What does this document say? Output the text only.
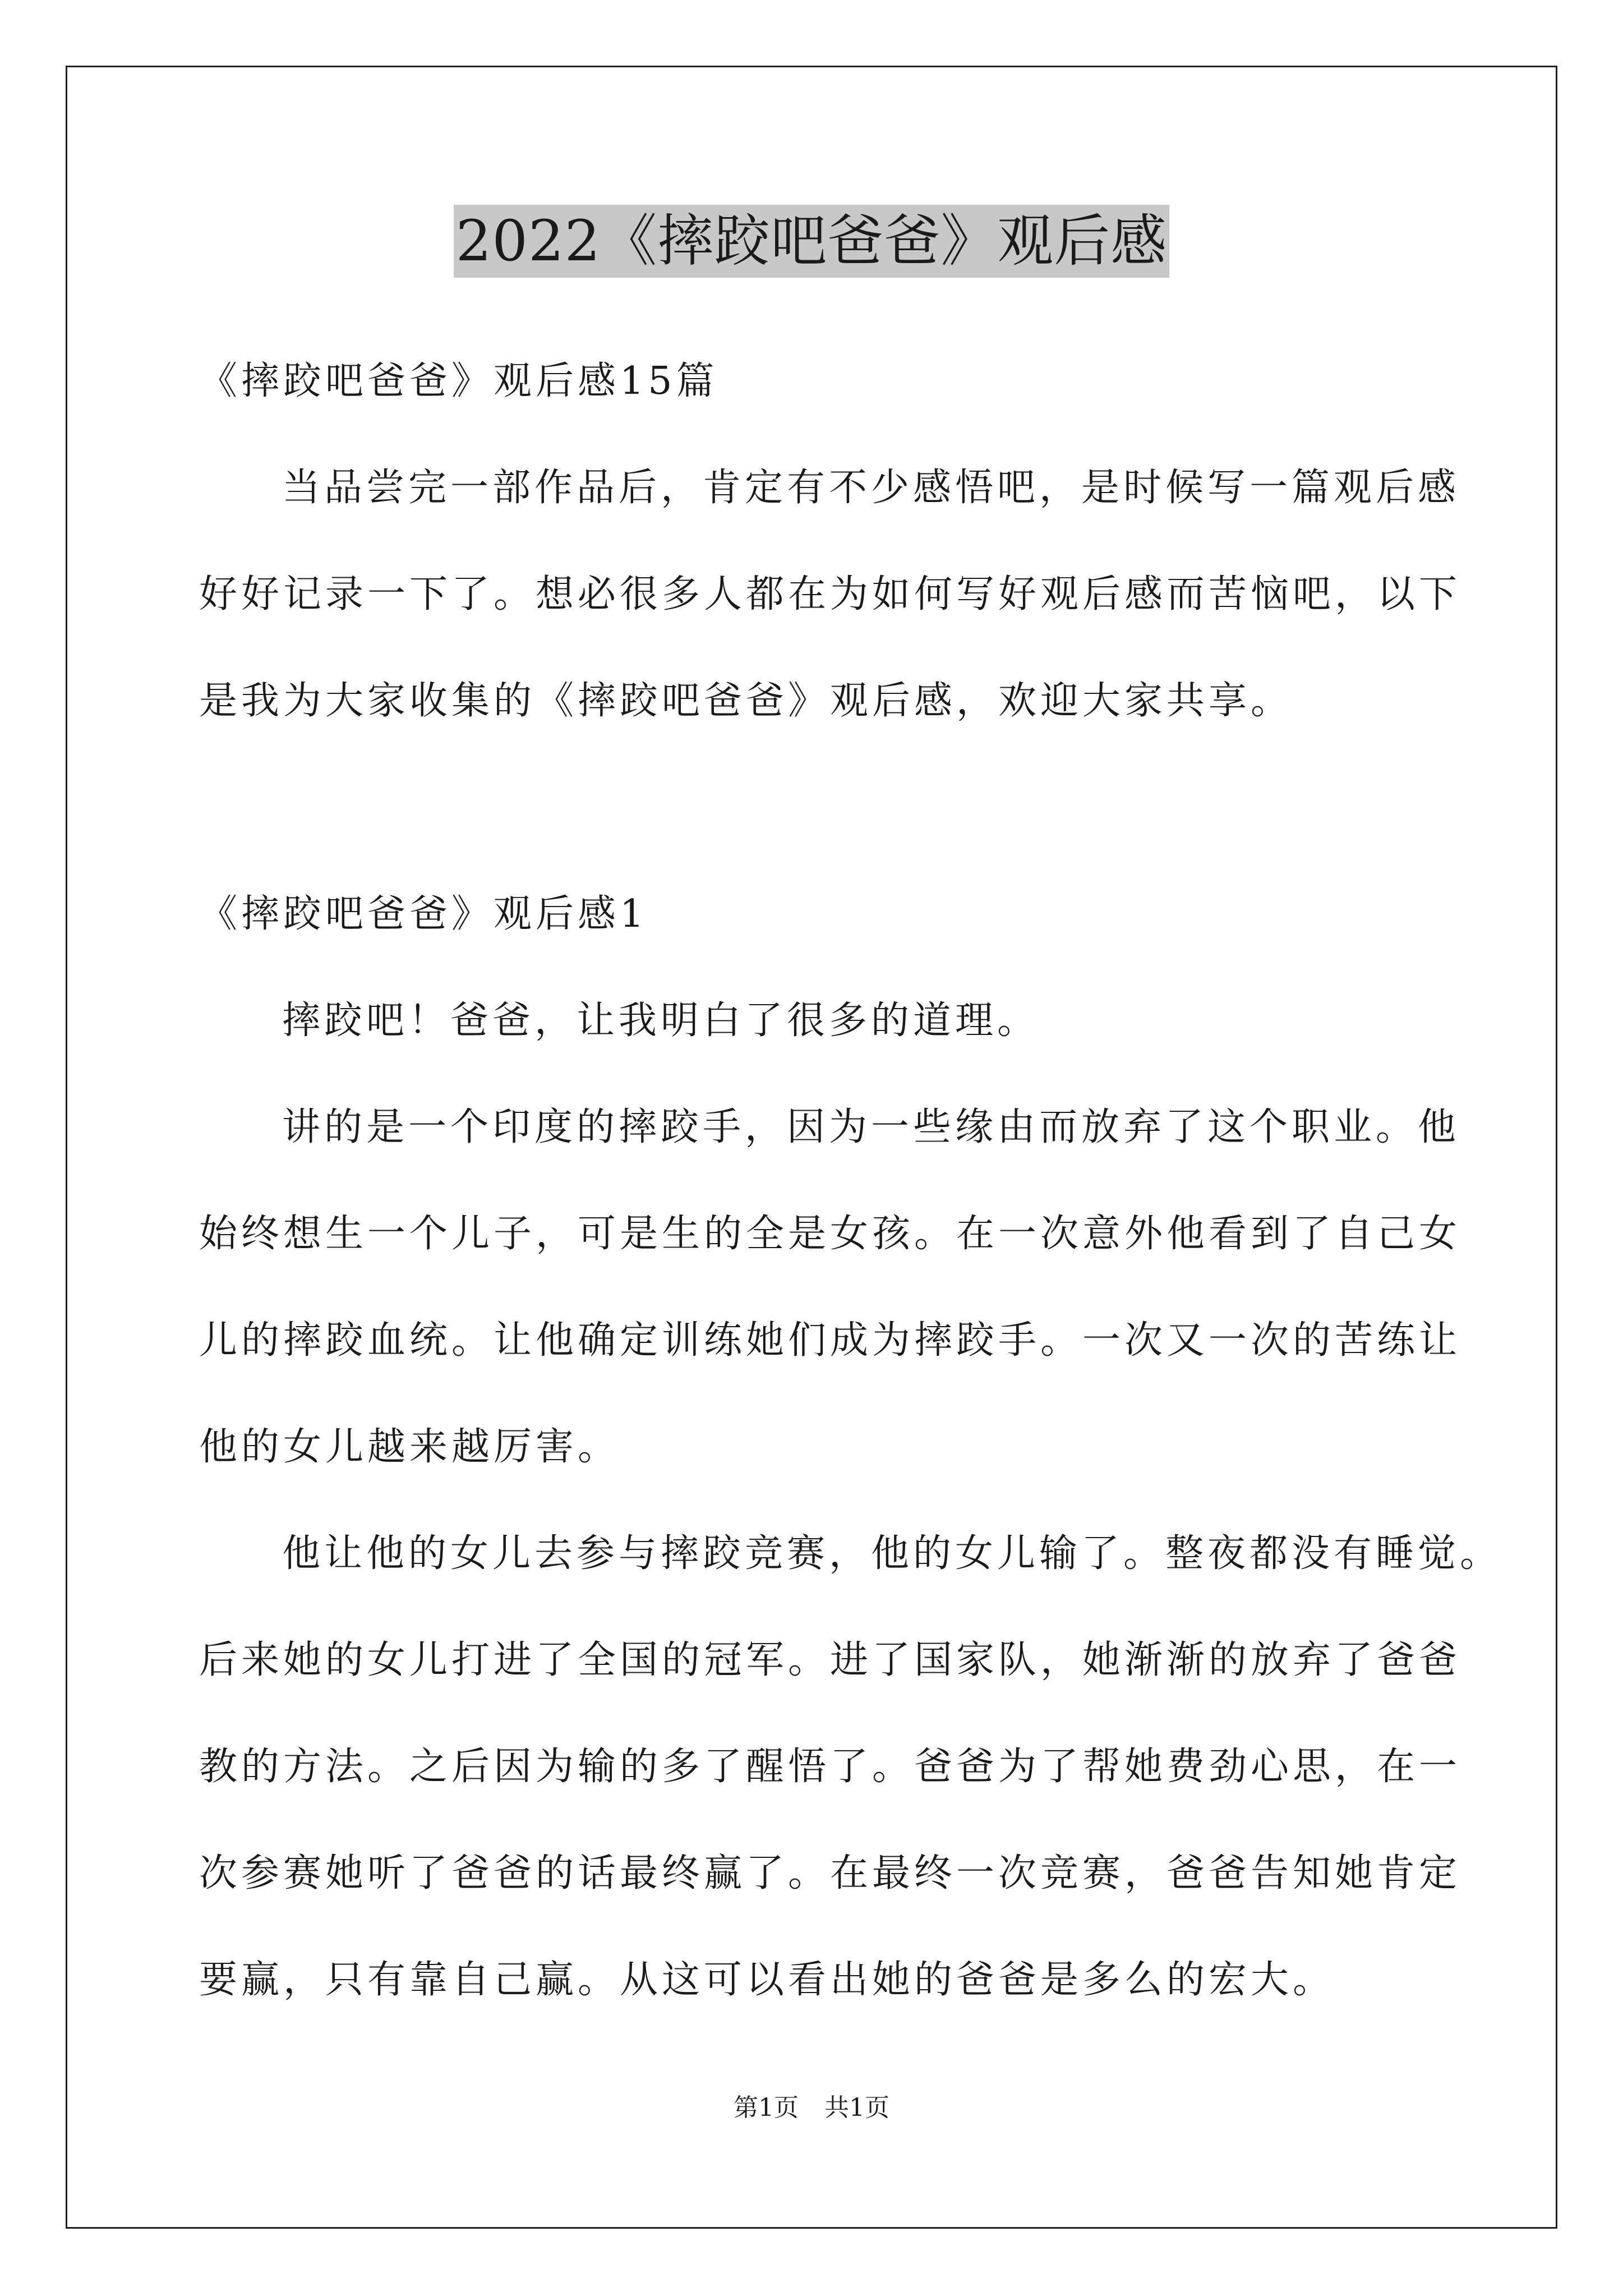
2022《摔跤吧爸爸》观后感
《摔跤吧爸爸》观后感15篇
当品尝完一部作品后，肯定有不少感悟吧，是时候写一篇观后感
好好记录一下了。想必很多人都在为如何写好观后感而苦恼吧，以下
是我为大家收集的《摔跤吧爸爸》观后感，欢迎大家共享。
《摔跤吧爸爸》观后感1
摔跤吧！爸爸，让我明白了很多的道理。
讲的是一个印度的摔跤手，因为一些缘由而放弃了这个职业。他
始终想生一个儿子，可是生的全是女孩。在一次意外他看到了自己女
儿的摔跤血统。让他确定训练她们成为摔跤手。一次又一次的苦练让
他的女儿越来越厉害。
他让他的女儿去参与摔跤竞赛，他的女儿输了。整夜都没有睡觉。
后来她的女儿打进了全国的冠军。进了国家队，她渐渐的放弃了爸爸
教的方法。之后因为输的多了醒悟了。爸爸为了帮她费劲心思，在一
次参赛她听了爸爸的话最终赢了。在最终一次竞赛，爸爸告知她肯定
要赢，只有靠自己赢。从这可以看出她的爸爸是多么的宏大。
第1页 共1页
